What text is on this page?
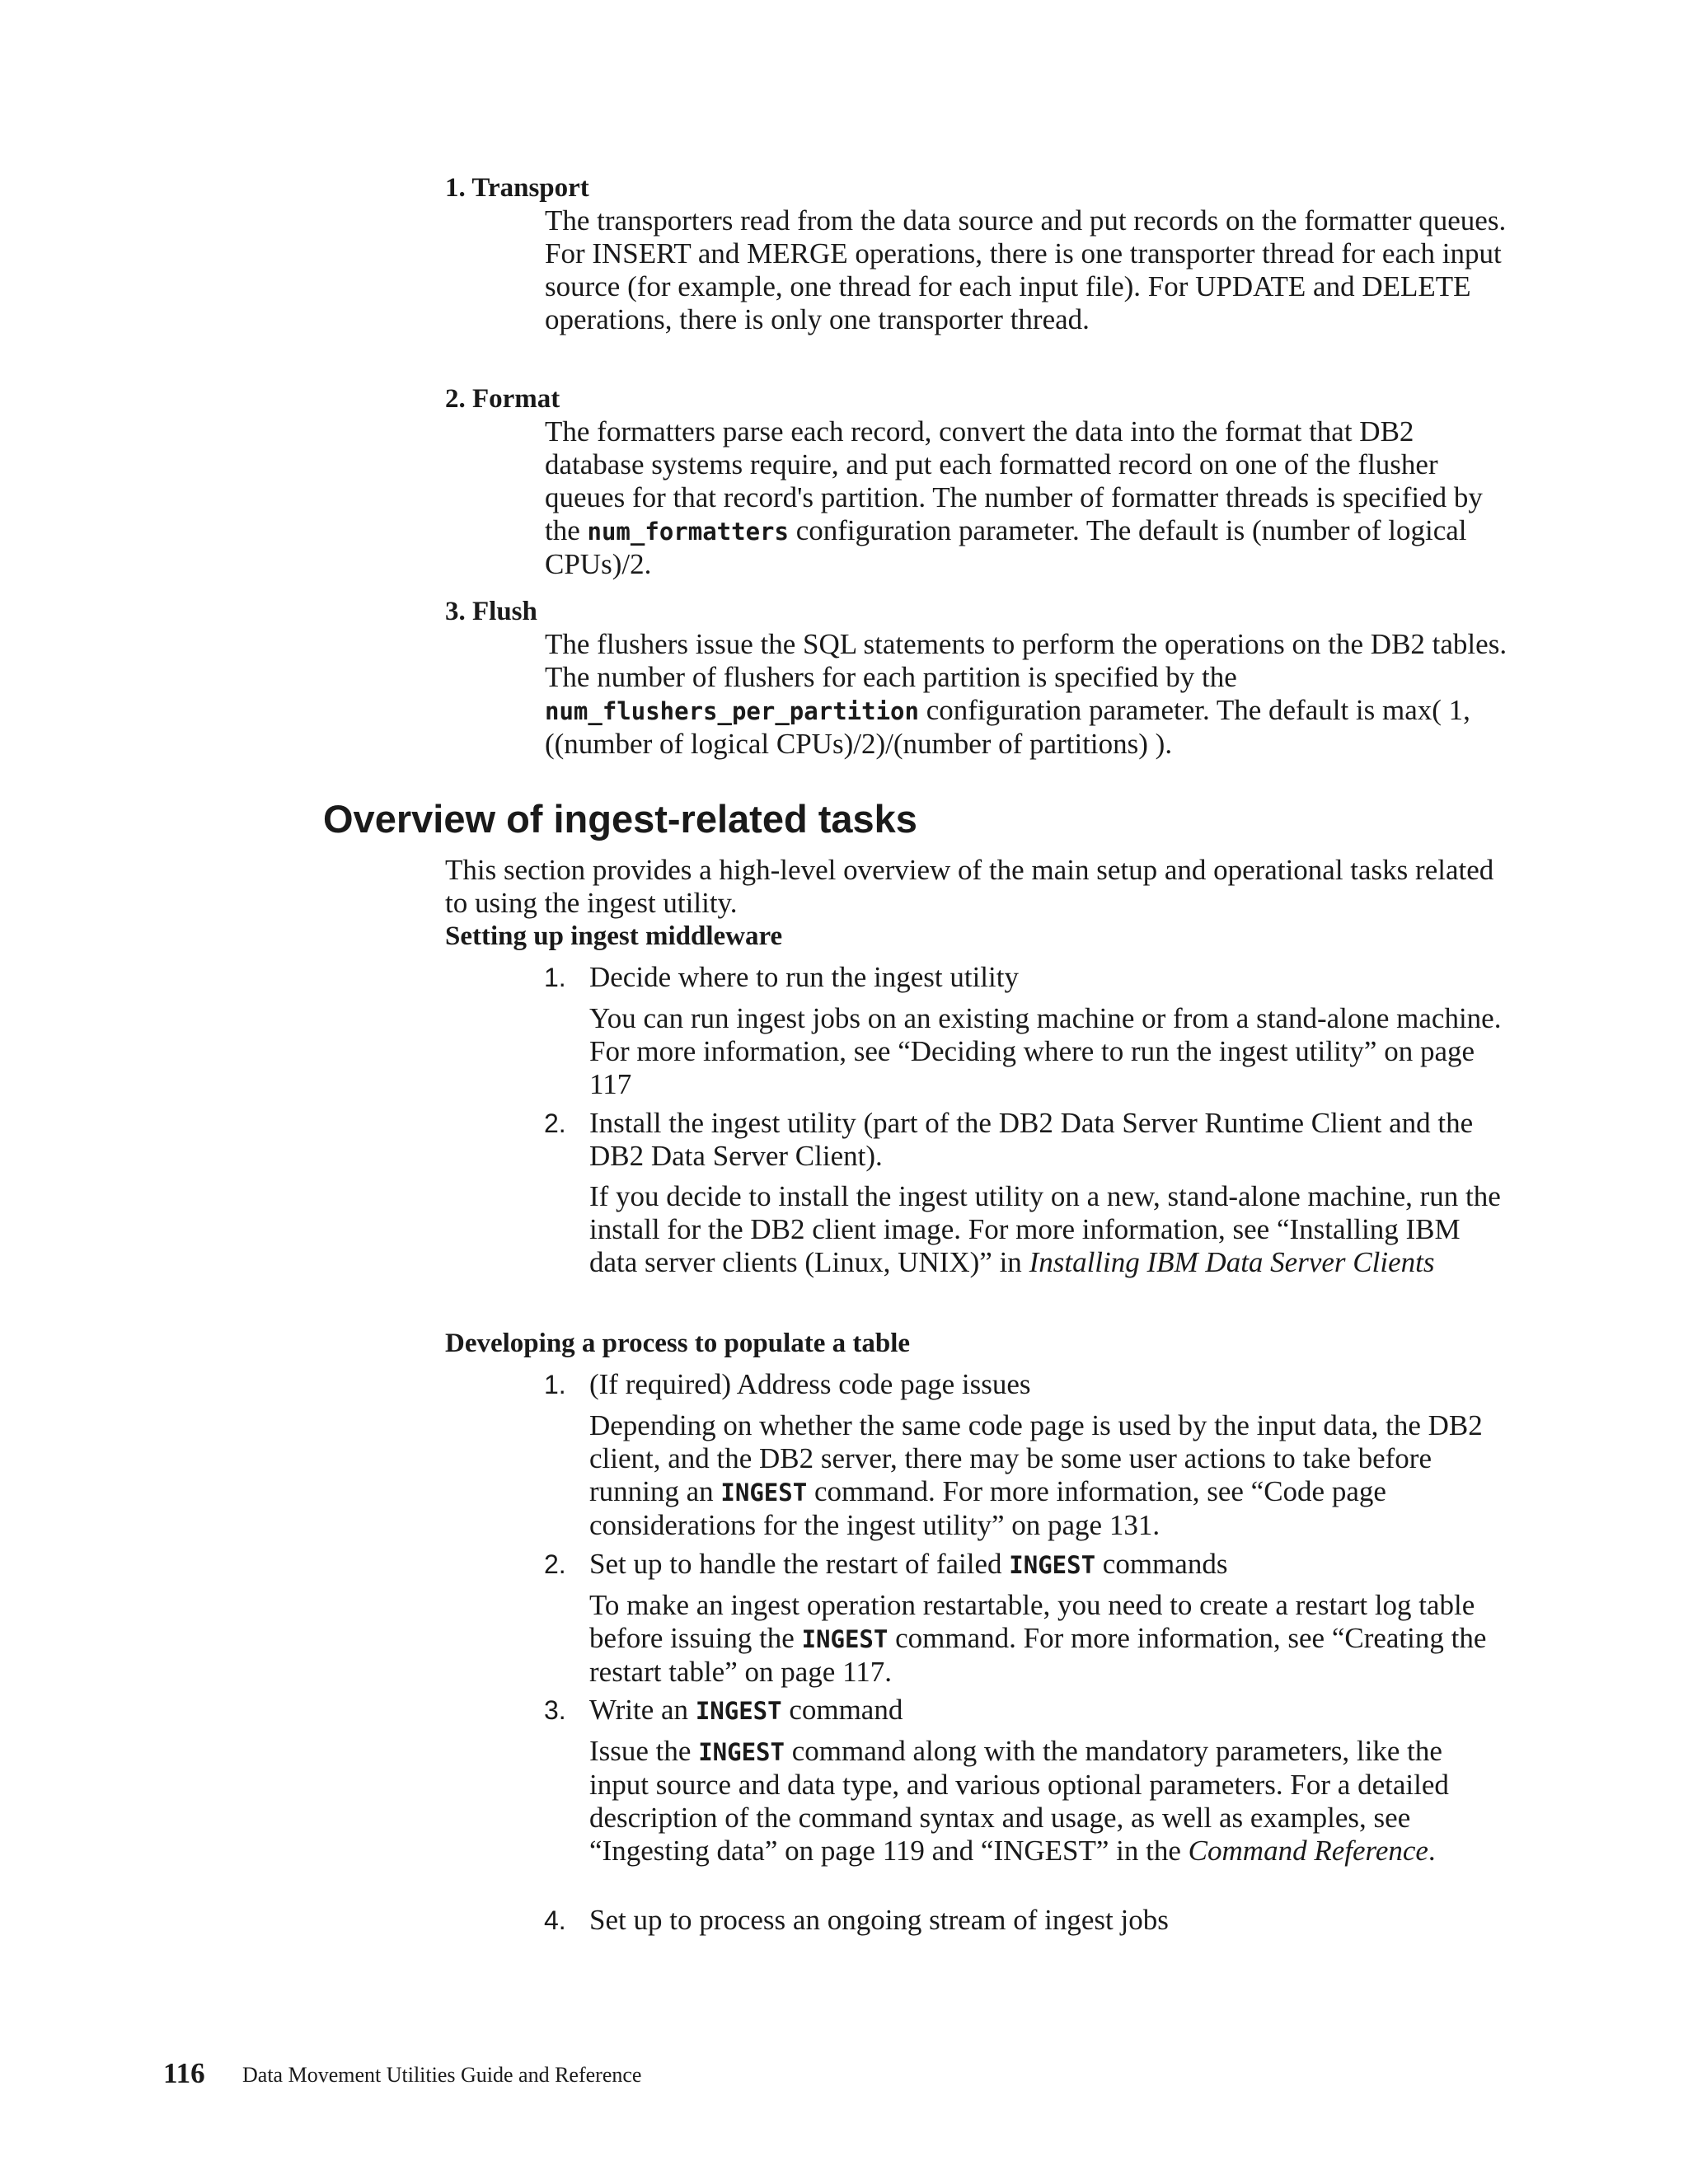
1. Transport

The transporters read from the data source and put records on the formatter queues. For INSERT and MERGE operations, there is one transporter thread for each input source (for example, one thread for each input file). For UPDATE and DELETE operations, there is only one transporter thread.

2. Format

The formatters parse each record, convert the data into the format that DB2 database systems require, and put each formatted record on one of the flusher queues for that record's partition. The number of formatter threads is specified by the num_formatters configuration parameter. The default is (number of logical CPUs)/2.

3. Flush

The flushers issue the SQL statements to perform the operations on the DB2 tables. The number of flushers for each partition is specified by the num_flushers_per_partition configuration parameter. The default is max( 1, ((number of logical CPUs)/2)/(number of partitions) ).

Overview of ingest-related tasks

This section provides a high-level overview of the main setup and operational tasks related to using the ingest utility.

Setting up ingest middleware

1. Decide where to run the ingest utility

You can run ingest jobs on an existing machine or from a stand-alone machine. For more information, see “Deciding where to run the ingest utility” on page 117

2. Install the ingest utility (part of the DB2 Data Server Runtime Client and the DB2 Data Server Client).

If you decide to install the ingest utility on a new, stand-alone machine, run the install for the DB2 client image. For more information, see “Installing IBM data server clients (Linux, UNIX)” in Installing IBM Data Server Clients

Developing a process to populate a table

1. (If required) Address code page issues

Depending on whether the same code page is used by the input data, the DB2 client, and the DB2 server, there may be some user actions to take before running an INGEST command. For more information, see “Code page considerations for the ingest utility” on page 131.

2. Set up to handle the restart of failed INGEST commands

To make an ingest operation restartable, you need to create a restart log table before issuing the INGEST command. For more information, see “Creating the restart table” on page 117.

3. Write an INGEST command

Issue the INGEST command along with the mandatory parameters, like the input source and data type, and various optional parameters. For a detailed description of the command syntax and usage, as well as examples, see “Ingesting data” on page 119 and “INGEST” in the Command Reference.

4. Set up to process an ongoing stream of ingest jobs

116 Data Movement Utilities Guide and Reference
